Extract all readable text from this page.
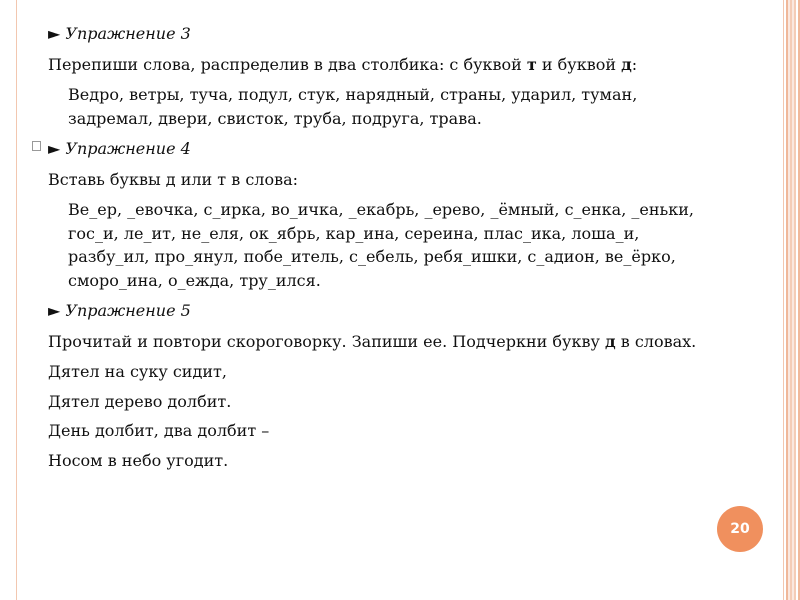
► Упражнение 3

Перепиши слова, распределив в два столбика: с буквой т и буквой д:

Ведро, ветры, туча, подул, стук, нарядный, страны, ударил, туман, задремал, двери, свисток, труба, подруга, трава.

► Упражнение 4

Вставь буквы д или т в слова:

Ве_ер, _евочка, с_ирка, во_ичка, _екабрь, _ерево, _ёмный, с_енка, _еньки, гос_и, ле_ит, не_еля, ок_ябрь, кар_ина, сереина, плас_ика, лоша_и, разбу_ил, про_янул, побе_итель, с_ебель, ребя_ишки, с_адион, ве_ёрко, сморо_ина, о_ежда, тру_ился.

► Упражнение 5

Прочитай и повтори скороговорку. Запиши ее. Подчеркни букву д в словах.

Дятел на суку сидит,

Дятел дерево долбит.

День долбит, два долбит –

Носом в небо угодит.

20
